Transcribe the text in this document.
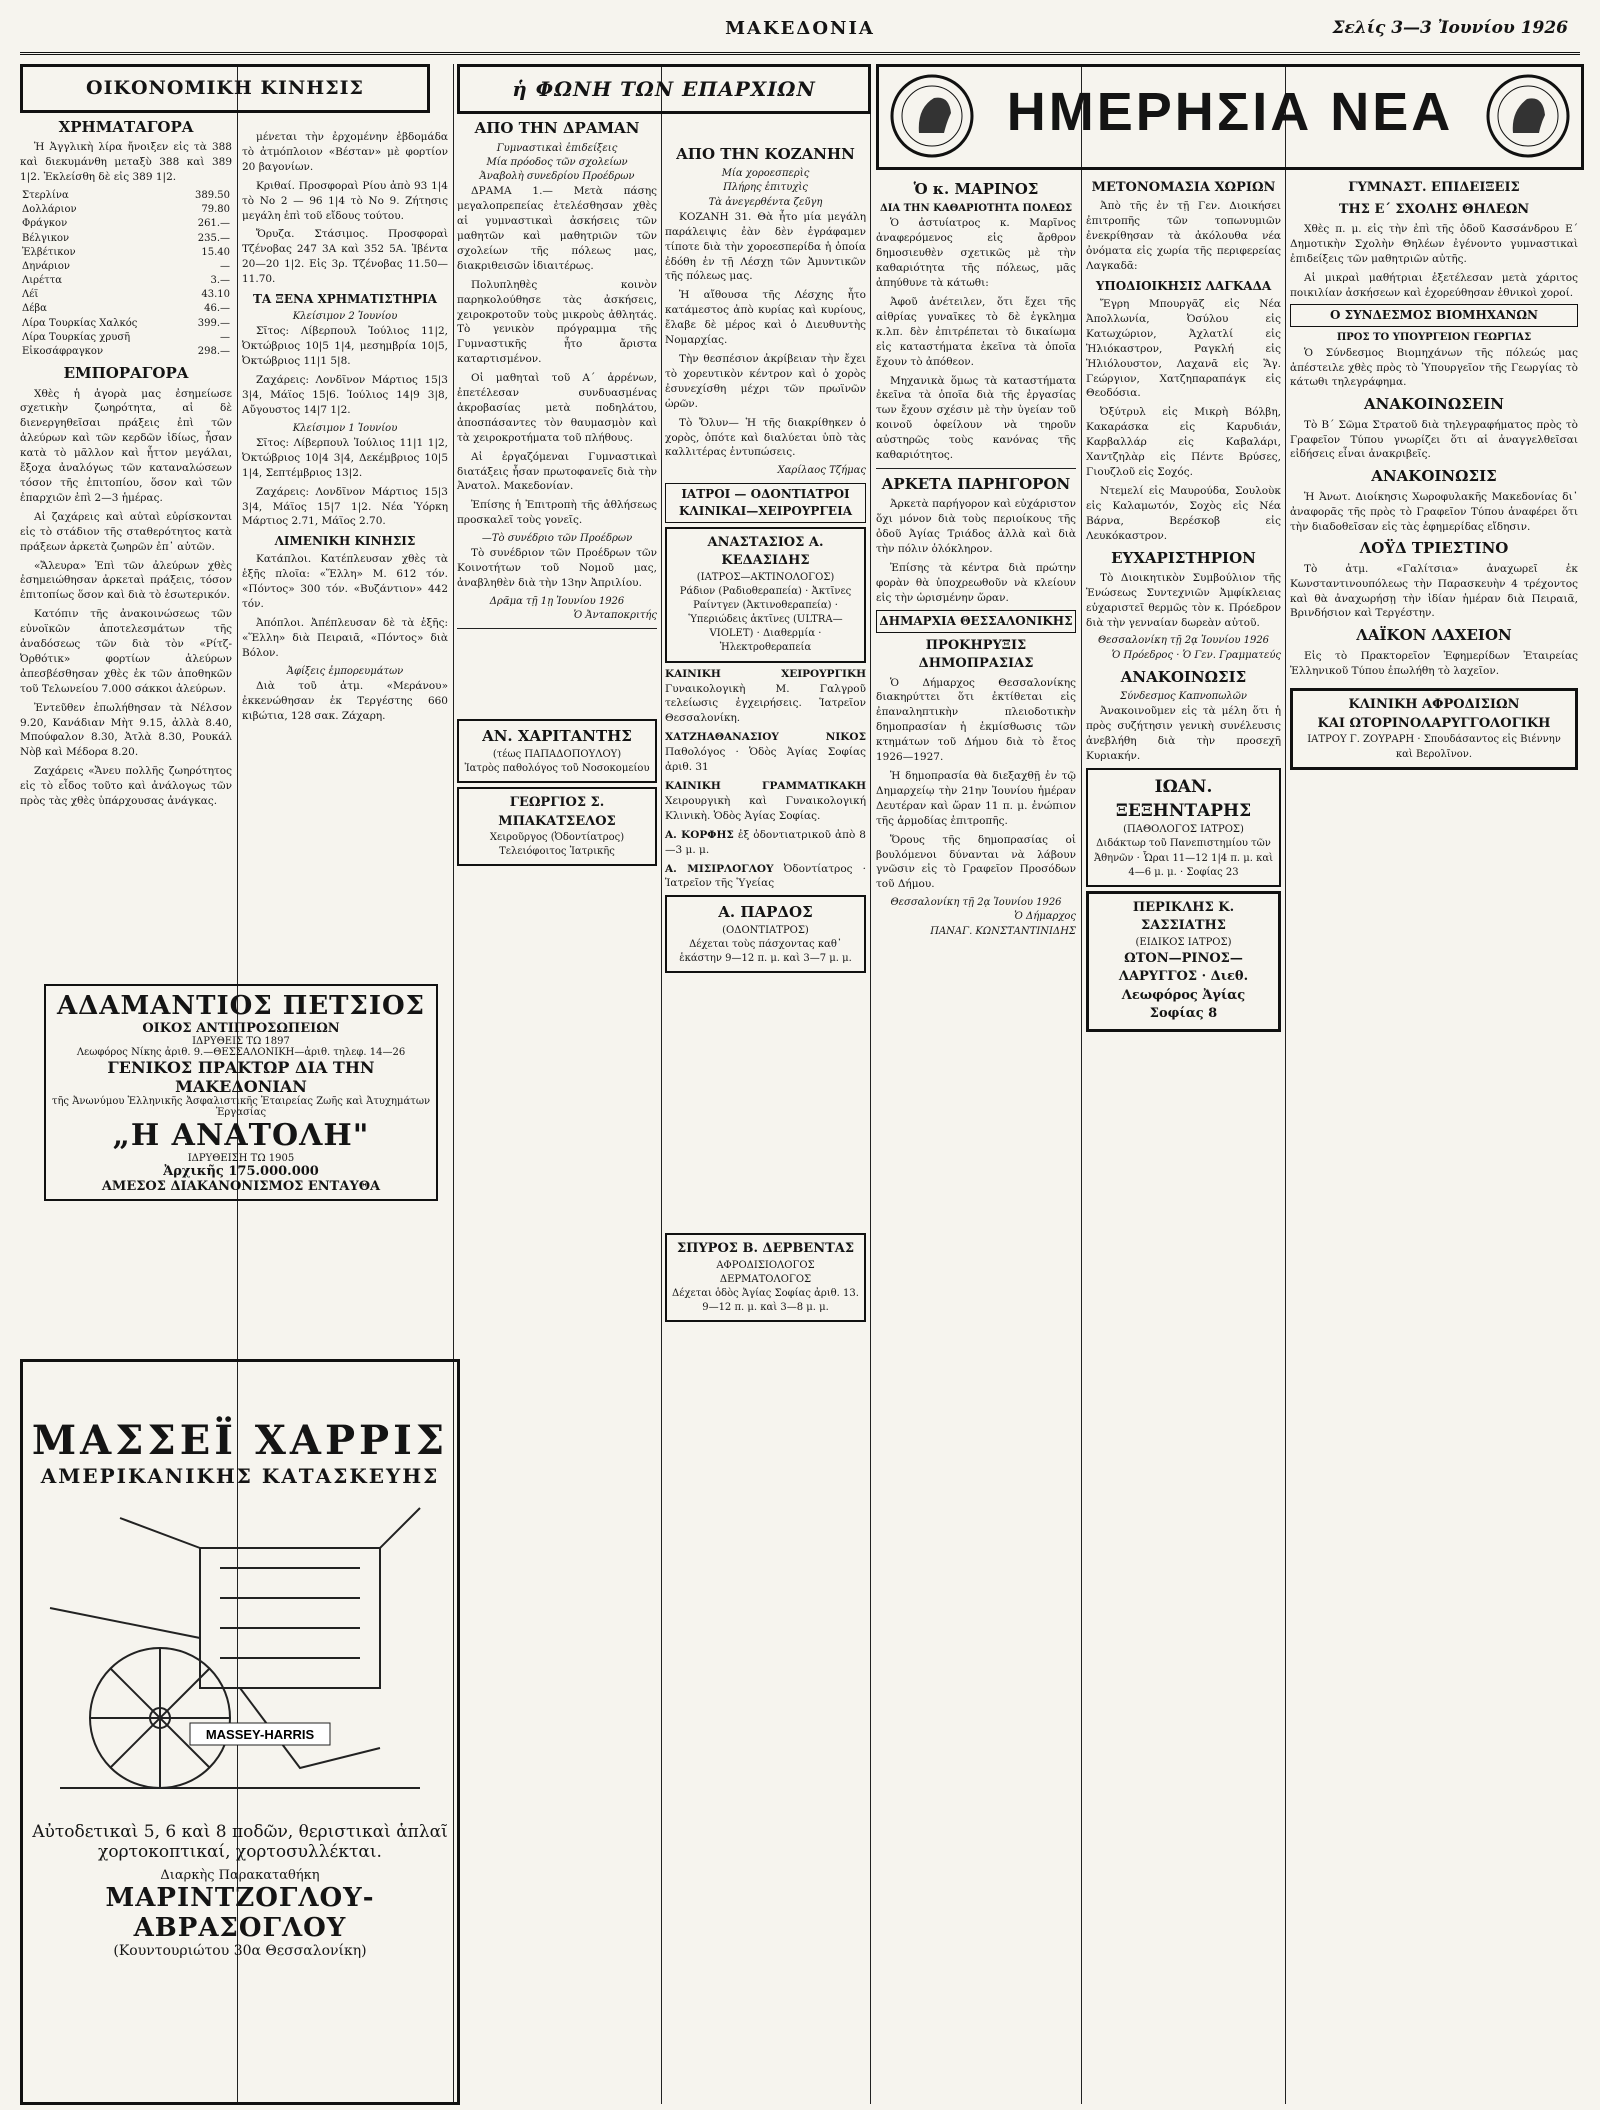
ΜΑΚΕΔΟΝΙΑ	Σελίς 3—3 Ἰουνίου 1926
ΟΙΚΟΝΟΜΙΚΗ ΚΙΝΗΣΙΣ
ΧΡΗΜΑΤΑΓΟΡΑ

Ἡ Ἀγγλικὴ λίρα ἤνοιξεν εἰς τὰ 388 καὶ διεκυμάνθη μεταξὺ 388 καὶ 389 1|2. Ἐκλείσθη δὲ εἰς 389 1|2.

Στερλίνα	389.50
Δολλάριον	79.80
Φράγκον	261.—
Βέλγικον	235.—
Ἐλβέτικον	15.40
Δηνάριον	—
Λιρέττα	3.—
Λέϊ	43.10
Δέβα	46.—
Λίρα Τουρκίας Χαλκός	399.—
Λίρα Τουρκίας χρυσῆ	—
Εἰκοσάφραγκον	298.—
ΕΜΠΟΡΑΓΟΡΑ

Χθὲς ἡ ἀγορὰ μας ἐσημείωσε σχετικὴν ζωηρότητα, αἱ δὲ διενεργηθεῖσαι πράξεις ἐπὶ τῶν ἀλεύρων καὶ τῶν κερδῶν ἰδίως, ἦσαν κατὰ τὸ μᾶλλον καὶ ἧττον μεγάλαι, ἔξοχα ἀναλόγως τῶν καταναλώσεων τόσον τῆς ἐπιτοπίου, ὅσον καὶ τῶν ἐπαρχιῶν ἐπὶ 2—3 ἡμέρας.

Αἱ ζαχάρεις καὶ αὐταὶ εὐρίσκονται εἰς τὸ στάδιον τῆς σταθερότητος κατὰ πράξεων ἀρκετὰ ζωηρῶν ἐπ᾿ αὐτῶν.

«Ἄλευρα» Ἐπὶ τῶν ἀλεύρων χθὲς ἐσημειώθησαν ἀρκεταὶ πράξεις, τόσον ἐπιτοπίως ὅσον καὶ διὰ τὸ ἐσωτερικόν.

Κατόπιν τῆς ἀνακοινώσεως τῶν εὐνοϊκῶν ἀποτελεσμάτων τῆς ἀναδόσεως τῶν διὰ τὸν «Ρίτζ-Ὀρθότικ» φορτίων ἀλεύρων ἀπεσβέσθησαν χθὲς ἐκ τῶν ἀποθηκῶν τοῦ Τελωνείου 7.000 σάκκοι ἀλεύρων.

Ἐντεῦθεν ἐπωλήθησαν τὰ Νέλσον 9.20, Κανάδιαν Μὴτ 9.15, ἀλλὰ 8.40, Μπούφαλον 8.30, Ἀτλὰ 8.30, Ρουκάλ Νὸβ καὶ Μέδορα 8.20.

Ζαχάρεις «Ἄνευ πολλῆς ζωηρότητος εἰς τὸ εἶδος τοῦτο καὶ ἀνάλογως τῶν πρὸς τὰς χθὲς ὑπάρχουσας ἀνάγκας.

μένεται τὴν ἐρχομένην ἑβδομάδα τὸ ἀτμόπλοιον «Βέσταν» μὲ φορτίον 20 βαγονίων.

Κριθαί. Προσφοραὶ Ρίου ἀπὸ 93 1|4 τὸ Νο 2 — 96 1|4 τὸ Νο 9. Ζήτησις μεγάλη ἐπὶ τοῦ εἴδους τούτου.

Ὄρυζα. Στάσιμος. Προσφοραὶ Τζένοβας 247 3Α καὶ 352 5Α. Ἰβέντα 20—20 1|2. Εἰς 3ρ. Τζένοβας 11.50—11.70.

ΤΑ ΞΕΝΑ ΧΡΗΜΑΤΙΣΤΗΡΙΑ
Κλείσιμον 2 Ἰουνίου

Σῖτος: Λίβερπουλ Ἰούλιος 11|2, Ὀκτώβριος 10|5 1|4, μεσημβρία 10|5, Ὀκτώβριος 11|1 5|8.

Ζαχάρεις: Λονδῖνον Μάρτιος 15|3 3|4, Μάϊος 15|6. Ἰούλιος 14|9 3|8, Αὔγουστος 14|7 1|2.

Κλείσιμον 1 Ἰουνίου

Σῖτος: Λίβερπουλ Ἰούλιος 11|1 1|2, Ὀκτώβριος 10|4 3|4, Δεκέμβριος 10|5 1|4, Σεπτέμβριος 13|2.

Ζαχάρεις: Λονδῖνον Μάρτιος 15|3 3|4, Μάϊος 15|7 1|2. Νέα Ὑόρκη Μάρτιος 2.71, Μάϊος 2.70.

ΛΙΜΕΝΙΚΗ ΚΙΝΗΣΙΣ

Κατάπλοι. Κατέπλευσαν χθὲς τὰ ἑξῆς πλοῖα: «Ἕλλη» Μ. 612 τόν. «Πόντος» 300 τόν. «Βυζάντιον» 442 τόν.

Ἀπόπλοι. Ἀπέπλευσαν δὲ τὰ ἑξῆς: «Ἕλλη» διὰ Πειραιᾶ, «Πόντος» διὰ Βόλον.

Ἀφίξεις ἐμπορευμάτων

Διὰ τοῦ ἀτμ. «Μεράνου» ἐκκενώθησαν ἐκ Τεργέστης 660 κιβώτια, 128 σακ. Ζάχαρη.

ΑΔΑΜΑΝΤΙΟΣ ΠΕΤΣΙΟΣ
ΟΙΚΟΣ ΑΝΤΙΠΡΟΣΩΠΕΙΩΝ
ΙΔΡΥΘΕΙΣ ΤΩ 1897
Λεωφόρος Νίκης ἀριθ. 9.—ΘΕΣΣΑΛΟΝΙΚΗ—ἀριθ. τηλεφ. 14—26
ΓΕΝΙΚΟΣ ΠΡΑΚΤΩΡ ΔΙΑ ΤΗΝ ΜΑΚΕΔΟΝΙΑΝ
τῆς Ἀνωνύμου Ἑλληνικῆς Ἀσφαλιστικῆς Ἑταιρείας Ζωῆς καὶ Ἀτυχημάτων Ἐργασίας
„Η ΑΝΑΤΟΛΗ"
ΙΔΡΥΘΕΙΣΗ ΤΩ 1905
Ἀρχικῆς 175.000.000
ΑΜΕΣΟΣ ΔΙΑΚΑΝΟΝΙΣΜΟΣ ΕΝΤΑΥΘΑ
ΜΑΣΣΕΪ ΧΑΡΡΙΣ
ΑΜΕΡΙΚΑΝΙΚΗΣ ΚΑΤΑΣΚΕΥΗΣ
MASSEY-HARRIS
Αὐτοδετικαὶ 5, 6 καὶ 8 ποδῶν, θεριστικαὶ ἁπλαῖ
χορτοκοπτικαί, χορτοσυλλέκται.
Διαρκὴς Παρακαταθήκη
ΜΑΡΙΝΤΖΟΓΛΟΥ-ΑΒΡΑΣΟΓΛΟΥ
(Κουντουριώτου 30α Θεσσαλονίκη)
ἡ ΦΩΝΗ ΤΩΝ ΕΠΑΡΧΙΩΝ
ΑΠΟ ΤΗΝ ΔΡΑΜΑΝ
Γυμναστικαὶ ἐπιδείξεις
Μία πρόοδος τῶν σχολείων
Ἀναβολὴ συνεδρίου Προέδρων

ΔΡΑΜΑ 1.— Μετὰ πάσης μεγαλοπρεπείας ἐτελέσθησαν χθὲς αἱ γυμναστικαὶ ἀσκήσεις τῶν μαθητῶν καὶ μαθητριῶν τῶν σχολείων τῆς πόλεως μας, διακριθεισῶν ἰδιαιτέρως.

Πολυπληθὲς κοινὸν παρηκολούθησε τὰς ἀσκήσεις, χειροκροτοῦν τοὺς μικροὺς ἀθλητάς. Τὸ γενικὸν πρόγραμμα τῆς Γυμναστικῆς ἦτο ἄριστα καταρτισμένον.

Οἱ μαθηταὶ τοῦ Α΄ ἀρρένων, ἐπετέλεσαν συνδυασμένας ἀκροβασίας μετὰ ποδηλάτου, ἀποσπάσαντες τὸν θαυμασμὸν καὶ τὰ χειροκροτήματα τοῦ πλήθους.

Αἱ ἐργαζόμεναι Γυμναστικαὶ διατάξεις ἦσαν πρωτοφανεῖς διὰ τὴν Ἀνατολ. Μακεδονίαν.

Ἐπίσης ἡ Ἐπιτροπὴ τῆς ἀθλήσεως προσκαλεῖ τοὺς γονεῖς.

—Τὸ συνέδριο τῶν Προέδρων

Τὸ συνέδριον τῶν Προέδρων τῶν Κοινοτήτων τοῦ Νομοῦ μας, ἀναβληθὲν διὰ τὴν 13ην Ἀπριλίου.

Δρᾶμα τῇ 1ῃ Ἰουνίου 1926
Ὁ Ἀνταποκριτής
ΑΝ. ΧΑΡΙΤΑΝΤΗΣ
(τέως ΠΑΠΑΔΟΠΟΥΛΟΥ)
Ἰατρὸς παθολόγος τοῦ Νοσοκομείου
ΓΕΩΡΓΙΟΣ Σ. ΜΠΑΚΑΤΣΕΛΟΣ
Χειροῦργος (Ὀδοντίατρος)
Τελειόφοιτος Ἰατρικῆς
ΑΠΟ ΤΗΝ ΚΟΖΑΝΗΝ
Μία χοροεσπερὶς
Πλήρης ἐπιτυχὶς
Τὰ ἀνεγερθέντα ζεῦγη

ΚΟΖΑΝΗ 31. Θὰ ἦτο μία μεγάλη παράλειψις ἐὰν δὲν ἐγράφαμεν τίποτε διὰ τὴν χοροεσπερίδα ἡ ὁποία ἐδόθη ἐν τῇ Λέσχῃ τῶν Ἀμυντικῶν τῆς πόλεως μας.

Ἡ αἴθουσα τῆς Λέσχης ἦτο κατάμεστος ἀπὸ κυρίας καὶ κυρίους, ἔλαβε δὲ μέρος καὶ ὁ Διευθυντὴς Νομαρχίας.

Τὴν θεσπέσιον ἀκρίβειαν τὴν ἔχει τὸ χορευτικὸν κέντρον καὶ ὁ χορὸς ἐσυνεχίσθη μέχρι τῶν πρωϊνῶν ὡρῶν.

Τὸ Ὄλυν— Ἡ τῆς διακρίθηκεν ὁ χορὸς, ὁπότε καὶ διαλύεται ὑπὸ τὰς καλλιτέρας ἐντυπώσεις.

Χαρίλαος Τζήμας
ΙΑΤΡΟΙ — ΟΔΟΝΤΙΑΤΡΟΙ ΚΛΙΝΙΚΑΙ—ΧΕΙΡΟΥΡΓΕΙΑ
ΑΝΑΣΤΑΣΙΟΣ Α. ΚΕΔΑΣΙΔΗΣ
(ΙΑΤΡΟΣ—ΑΚΤΙΝΟΛΟΓΟΣ)
Ράδιον (Ραδιοθεραπεία) · Ἀκτῖνες Ραίντγεν (Ἀκτινοθεραπεία) · Ὑπεριώδεις ἀκτῖνες (ULTRA—VIOLET) · Διαθερμία · Ἠλεκτροθεραπεία

ΚΑΙΝΙΚΗ ΧΕΙΡΟΥΡΓΙΚΗ Γυναικολογικὴ Μ. Γαλγροῦ τελείωσις ἐγχειρήσεις. Ἱατρεῖον Θεσσαλονίκη.

ΧΑΤΖΗΑΘΑΝΑΣΙΟΥ ΝΙΚΟΣ Παθολόγος · Ὁδὸς Ἀγίας Σοφίας ἀριθ. 31

ΚΑΙΝΙΚΗ ΓΡΑΜΜΑΤΙΚΑΚΗ Χειρουργικὴ καὶ Γυναικολογική Κλινικὴ. Ὁδὸς Ἀγίας Σοφίας.

Α. ΚΟΡΦΗΣ ἐξ ὀδοντιατρικοῦ ἀπὸ 8—3 μ. μ.

Α. ΜΙΣΙΡΛΟΓΛΟΥ Ὀδοντίατρος · Ἱατρεῖον τῆς Ὑγείας

Α. ΠΑΡΔΟΣ
(ΟΔΟΝΤΙΑΤΡΟΣ)
Δέχεται τοὺς πάσχοντας καθ᾿ ἑκάστην 9—12 π. μ. καὶ 3—7 μ. μ.
ΣΠΥΡΟΣ Β. ΔΕΡΒΕΝΤΑΣ
ΑΦΡΟΔΙΣΙΟΛΟΓΟΣ ΔΕΡΜΑΤΟΛΟΓΟΣ
Δέχεται ὁδὸς Ἀγίας Σοφίας ἀριθ. 13. 9—12 π. μ. καὶ 3—8 μ. μ.
ΗΜΕΡΗΣΙΑ ΝΕΑ
Ὁ κ. ΜΑΡΙΝΟΣ
ΔΙΑ ΤΗΝ ΚΑΘΑΡΙΟΤΗΤΑ ΠΟΛΕΩΣ

Ὁ ἀστυίατρος κ. Μαρῖνος ἀναφερόμενος εἰς ἄρθρον δημοσιευθὲν σχετικῶς μὲ τὴν καθαριότητα τῆς πόλεως, μᾶς ἀπηύθυνε τὰ κάτωθι:

Ἀφοῦ ἀνέτειλεν, ὅτι ἔχει τῆς αἰθρίας γυναῖκες τὸ δὲ ἐγκλημα κ.λπ. δὲν ἐπιτρέπεται τὸ δικαίωμα εἰς καταστήματα ἐκεῖνα τὰ ὁποῖα ἔχουν τὸ ἀπόθεον.

Μηχανικὰ ὅμως τὰ καταστήματα ἐκεῖνα τὰ ὁποῖα διὰ τῆς ἐργασίας των ἔχουν σχέσιν μὲ τὴν ὑγείαν τοῦ κοινοῦ ὀφείλουν νὰ τηροῦν αὐστηρῶς τοὺς κανόνας τῆς καθαριότητος.

ΑΡΚΕΤΑ ΠΑΡΗΓΟΡΟΝ

Ἀρκετὰ παρήγορον καὶ εὐχάριστον ὅχι μόνον διὰ τοὺς περιοίκους τῆς ὁδοῦ Ἀγίας Τριάδος ἀλλὰ καὶ διὰ τὴν πόλιν ὁλόκληρον.

Ἐπίσης τὰ κέντρα διὰ πρώτην φορὰν θὰ ὑποχρεωθοῦν νὰ κλείουν εἰς τὴν ὡρισμένην ὥραν.

ΔΗΜΑΡΧΙΑ ΘΕΣΣΑΛΟΝΙΚΗΣ
ΠΡΟΚΗΡΥΞΙΣ ΔΗΜΟΠΡΑΣΙΑΣ

Ὁ Δήμαρχος Θεσσαλονίκης διακηρύττει ὅτι ἐκτίθεται εἰς ἐπαναληπτικὴν πλειοδοτικὴν δημοπρασίαν ἡ ἐκμίσθωσις τῶν κτημάτων τοῦ Δήμου διὰ τὸ ἔτος 1926—1927.

Ἡ δημοπρασία θὰ διεξαχθῇ ἐν τῷ Δημαρχείῳ τὴν 21ην Ἰουνίου ἡμέραν Δευτέραν καὶ ὥραν 11 π. μ. ἐνώπιον τῆς ἁρμοδίας ἐπιτροπῆς.

Ὅρους τῆς δημοπρασίας οἱ βουλόμενοι δύνανται νὰ λάβουν γνῶσιν εἰς τὸ Γραφεῖον Προσόδων τοῦ Δήμου.

Θεσσαλονίκη τῇ 2ᾳ Ἰουνίου 1926
Ὁ Δήμαρχος
ΠΑΝΑΓ. ΚΩΝΣΤΑΝΤΙΝΙΔΗΣ
ΜΕΤΟΝΟΜΑΣΙΑ ΧΩΡΙΩΝ

Ἀπὸ τῆς ἐν τῇ Γεν. Διοικήσει ἐπιτροπῆς τῶν τοπωνυμιῶν ἐνεκρίθησαν τὰ ἀκόλουθα νέα ὀνόματα εἰς χωρία τῆς περιφερείας Λαγκαδᾶ:

ΥΠΟΔΙΟΙΚΗΣΙΣ ΛΑΓΚΑΔΑ

Ἔγρη Μπουργᾶζ εἰς Νέα Ἀπολλωνία, Ὀσύλου εἰς Κατωχώριον, Ἀχλατλί εἰς Ἡλιόκαστρον, Ραγκλή εἰς Ἡλιόλουστον, Λαχανᾶ εἰς Ἅγ. Γεώργιον, Χατζηπαραπάγκ εἰς Θεοδόσια.

Ὀξύτρυλ εἰς Μικρὴ Βόλβη, Κακαράσκα εἰς Καρυδιάν, Καρβαλλάρ εἰς Καβαλάρι, Χαντζηλὰρ εἰς Πέντε Βρύσες, Γιουζλοῦ εἰς Σοχός.

Ντεμελί εἰς Μαυρούδα, Σουλοὺκ εἰς Καλαμωτόν, Σοχὸς εἰς Νέα Βάρνα, Βερέσκοβ εἰς Λευκόκαστρον.

ΕΥΧΑΡΙΣΤΗΡΙΟΝ

Τὸ Διοικητικὸν Συμβούλιον τῆς Ἑνώσεως Συντεχνιῶν Ἀμφίκλειας εὐχαριστεῖ θερμῶς τὸν κ. Πρόεδρον διὰ τὴν γενναίαν δωρεὰν αὐτοῦ.

Θεσσαλονίκη τῇ 2ᾳ Ἰουνίου 1926
Ὁ Πρόεδρος · Ὁ Γεν. Γραμματεύς
ΑΝΑΚΟΙΝΩΣΙΣ
Σύνδεσμος Καπνοπωλῶν

Ἀνακοινοῦμεν εἰς τὰ μέλη ὅτι ἡ πρὸς συζήτησιν γενικὴ συνέλευσις ἀνεβλήθη διὰ τὴν προσεχῆ Κυριακήν.

ΙΩΑΝ. ΞΕΞΗΝΤΑΡΗΣ
(ΠΑΘΟΛΟΓΟΣ ΙΑΤΡΟΣ)
Διδάκτωρ τοῦ Πανεπιστημίου τῶν Ἀθηνῶν · Ὧραι 11—12 1|4 π. μ. καὶ 4—6 μ. μ. · Σοφίας 23
ΠΕΡΙΚΛΗΣ Κ. ΣΑΣΣΙΑΤΗΣ
(ΕΙΔΙΚΟΣ ΙΑΤΡΟΣ)
ΩΤΟΝ—ΡΙΝΟΣ—ΛΑΡΥΓΓΟΣ · Διεθ. Λεωφόρος Ἀγίας Σοφίας 8
ΓΥΜΝΑΣΤ. ΕΠΙΔΕΙΞΕΙΣ
ΤΗΣ Ε΄ ΣΧΟΛΗΣ ΘΗΛΕΩΝ

Χθὲς π. μ. εἰς τὴν ἐπὶ τῆς ὁδοῦ Κασσάνδρου Ε΄ Δημοτικὴν Σχολὴν Θηλέων ἐγένοντο γυμναστικαὶ ἐπιδείξεις τῶν μαθητριῶν αὐτῆς.

Αἱ μικραὶ μαθήτριαι ἐξετέλεσαν μετὰ χάριτος ποικιλίαν ἀσκήσεων καὶ ἐχορεύθησαν ἐθνικοὶ χοροί.

Ο ΣΥΝΔΕΣΜΟΣ ΒΙΟΜΗΧΑΝΩΝ
ΠΡΟΣ ΤΟ ΥΠΟΥΡΓΕΙΟΝ ΓΕΩΡΓΙΑΣ

Ὁ Σύνδεσμος Βιομηχάνων τῆς πόλεώς μας ἀπέστειλε χθὲς πρὸς τὸ Ὑπουργεῖον τῆς Γεωργίας τὸ κάτωθι τηλεγράφημα.

ΑΝΑΚΟΙΝΩΣΕΙΝ

Τὸ Β΄ Σῶμα Στρατοῦ διὰ τηλεγραφήματος πρὸς τὸ Γραφεῖον Τύπου γνωρίζει ὅτι αἱ ἀναγγελθεῖσαι εἰδήσεις εἶναι ἀνακριβεῖς.

ΑΝΑΚΟΙΝΩΣΙΣ

Ἡ Ἀνωτ. Διοίκησις Χωροφυλακῆς Μακεδονίας δι᾿ ἀναφορᾶς τῆς πρὸς τὸ Γραφεῖον Τύπου ἀναφέρει ὅτι τὴν διαδοθεῖσαν εἰς τὰς ἐφημερίδας εἴδησιν.

ΛΟΫΔ ΤΡΙΕΣΤΙΝΟ

Τὸ ἀτμ. «Γαλίτσια» ἀναχωρεῖ ἐκ Κωνσταντινουπόλεως τὴν Παρασκευὴν 4 τρέχοντος καὶ θὰ ἀναχωρήσῃ τὴν ἰδίαν ἡμέραν διὰ Πειραιᾶ, Βρινδήσιον καὶ Τεργέστην.

ΛΑΪΚΟΝ ΛΑΧΕΙΟΝ

Εἰς τὸ Πρακτορεῖον Ἐφημερίδων Ἐταιρείας Ἑλληνικοῦ Τύπου ἐπωλήθη τὸ λαχεῖον.

ΚΛΙΝΙΚΗ ΑΦΡΟΔΙΣΙΩΝ
ΚΑΙ ΩΤΟΡΙΝΟΛΑΡΥΓΓΟΛΟΓΙΚΗ
ΙΑΤΡΟΥ Γ. ΖΟΥΡΑΡΗ · Σπουδάσαντος εἰς Βιέννην καὶ Βερολῖνον.
